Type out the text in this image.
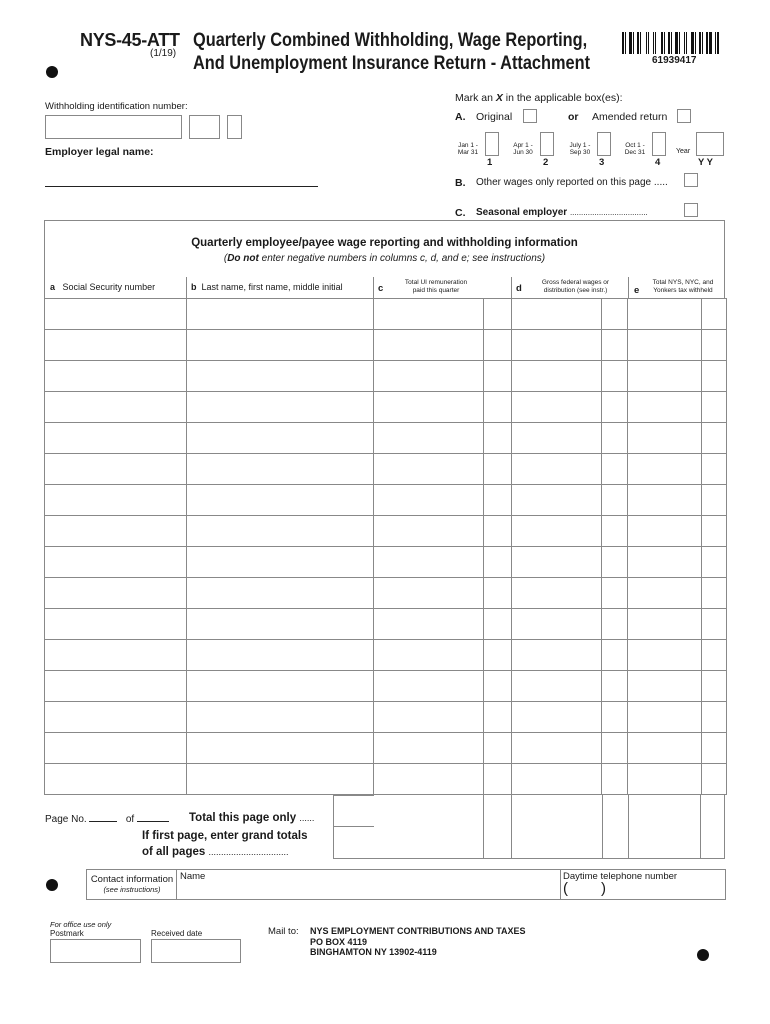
NYS-45-ATT
(1/19)
Quarterly Combined Withholding, Wage Reporting,
And Unemployment Insurance Return - Attachment	61939417
Withholding identification number:
Employer legal name:
Mark an X in the applicable box(es):
A. Original	or Amended return
Jan 1 -
Mar 31
1
Apr 1 -
Jun 30
2
July 1 -
Sep 30
3
Oct 1 -
Dec 31
4
Year
Y Y
B. Other wages only reported on this page .....
C. Seasonal employer ...................................
Quarterly employee/payee wage reporting and withholding information
(Do not enter negative numbers in columns c, d, and e; see instructions)
a Social Security number	b Last name, first name, middle initial	c
Total UI remuneration
paid this quarter	d
Gross federal wages or
distribution (see instr.)	e
Total NYS, NYC, and
Yonkers tax withheld

Page No.	of	Total this page only ......
If first page, enter grand totals
of all pages ................................
Contact information
(see instructions)
Name	Daytime telephone number
( )
For office use only
Postmark	Received date	Mail to: NYS EMPLOYMENT CONTRIBUTIONS AND TAXES
PO BOX 4119
BINGHAMTON NY 13902-4119
